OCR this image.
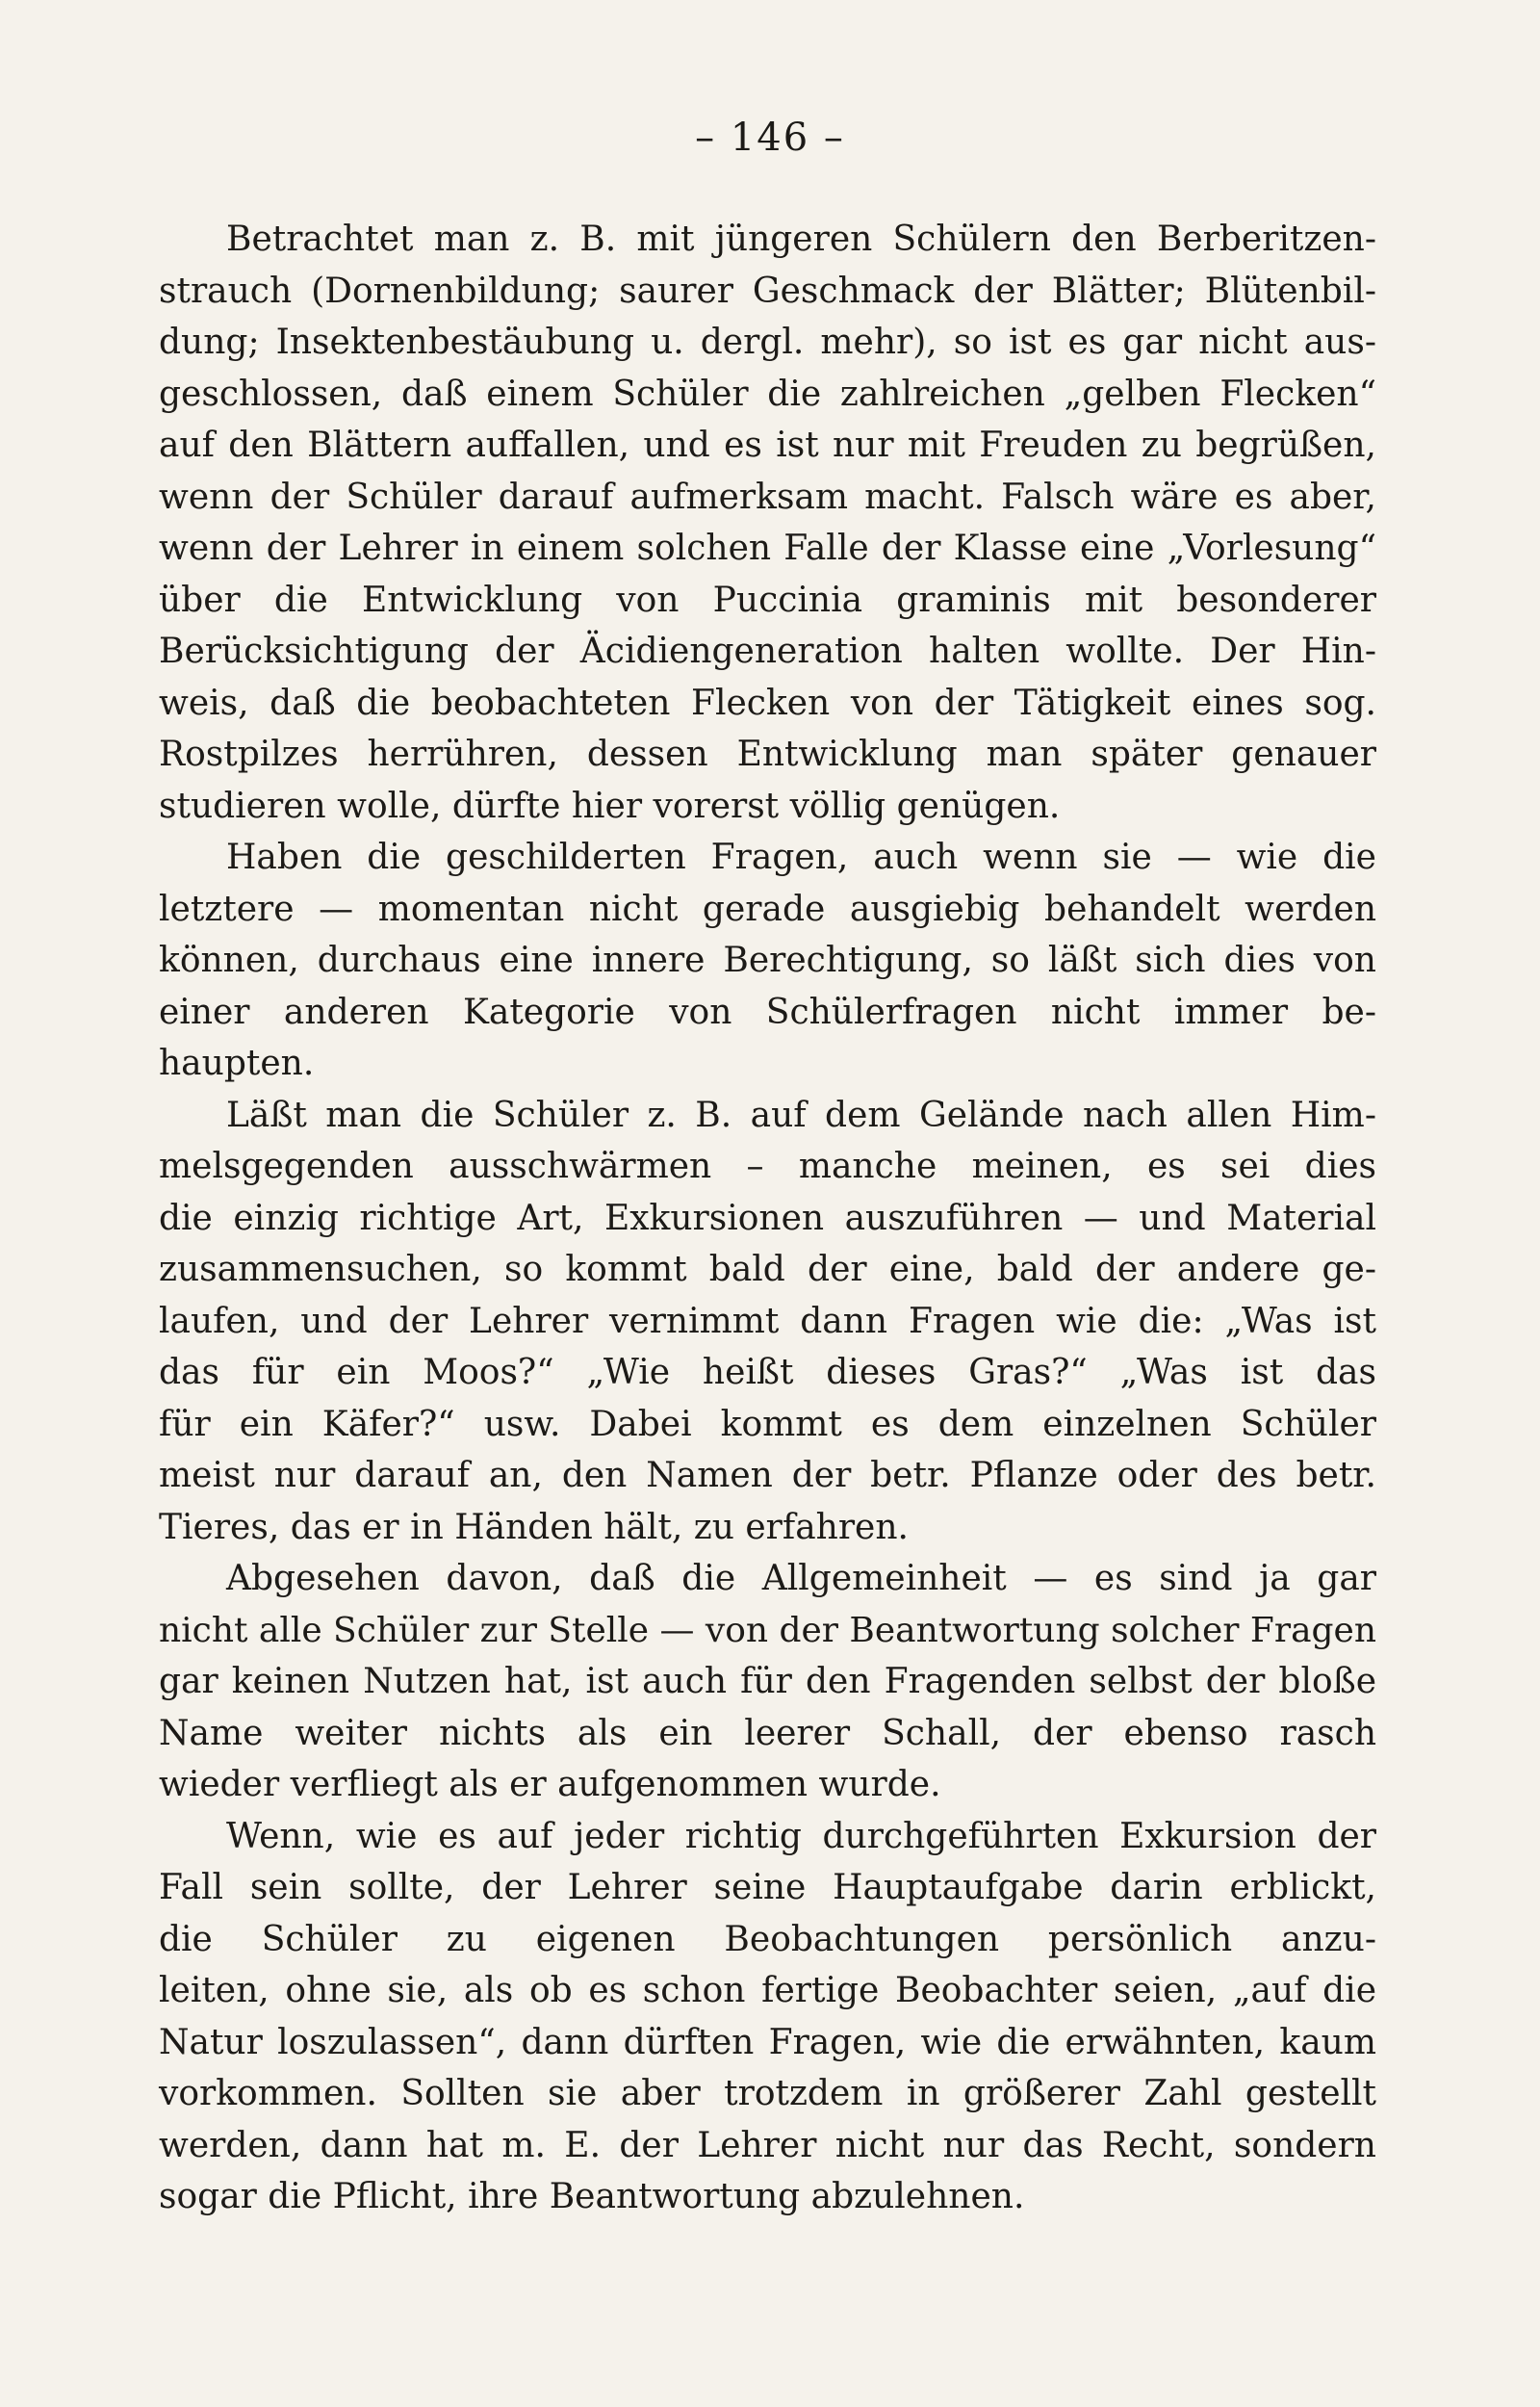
– 146 –
Betrachtet man z. B. mit jüngeren Schülern den Berberitzen-
strauch (Dornenbildung; saurer Geschmack der Blätter; Blütenbil-
dung; Insektenbestäubung u. dergl. mehr), so ist es gar nicht aus-
geschlossen, daß einem Schüler die zahlreichen „gelben Flecken“
auf den Blättern auffallen, und es ist nur mit Freuden zu begrüßen,
wenn der Schüler darauf aufmerksam macht. Falsch wäre es aber,
wenn der Lehrer in einem solchen Falle der Klasse eine „Vorlesung“
über die Entwicklung von Puccinia graminis mit besonderer
Berücksichtigung der Äcidiengeneration halten wollte. Der Hin-
weis, daß die beobachteten Flecken von der Tätigkeit eines sog.
Rostpilzes herrühren, dessen Entwicklung man später genauer
studieren wolle, dürfte hier vorerst völlig genügen.
Haben die geschilderten Fragen, auch wenn sie — wie die
letztere — momentan nicht gerade ausgiebig behandelt werden
können, durchaus eine innere Berechtigung, so läßt sich dies von
einer anderen Kategorie von Schülerfragen nicht immer be-
haupten.
Läßt man die Schüler z. B. auf dem Gelände nach allen Him-
melsgegenden ausschwärmen – manche meinen, es sei dies
die einzig richtige Art, Exkursionen auszuführen — und Material
zusammensuchen, so kommt bald der eine, bald der andere ge-
laufen, und der Lehrer vernimmt dann Fragen wie die: „Was ist
das für ein Moos?“ „Wie heißt dieses Gras?“ „Was ist das
für ein Käfer?“ usw. Dabei kommt es dem einzelnen Schüler
meist nur darauf an, den Namen der betr. Pflanze oder des betr.
Tieres, das er in Händen hält, zu erfahren.
Abgesehen davon, daß die Allgemeinheit — es sind ja gar
nicht alle Schüler zur Stelle — von der Beantwortung solcher Fragen
gar keinen Nutzen hat, ist auch für den Fragenden selbst der bloße
Name weiter nichts als ein leerer Schall, der ebenso rasch
wieder verfliegt als er aufgenommen wurde.
Wenn, wie es auf jeder richtig durchgeführten Exkursion der
Fall sein sollte, der Lehrer seine Hauptaufgabe darin erblickt,
die Schüler zu eigenen Beobachtungen persönlich anzu-
leiten, ohne sie, als ob es schon fertige Beobachter seien, „auf die
Natur loszulassen“, dann dürften Fragen, wie die erwähnten, kaum
vorkommen. Sollten sie aber trotzdem in größerer Zahl gestellt
werden, dann hat m. E. der Lehrer nicht nur das Recht, sondern
sogar die Pflicht, ihre Beantwortung abzulehnen.
